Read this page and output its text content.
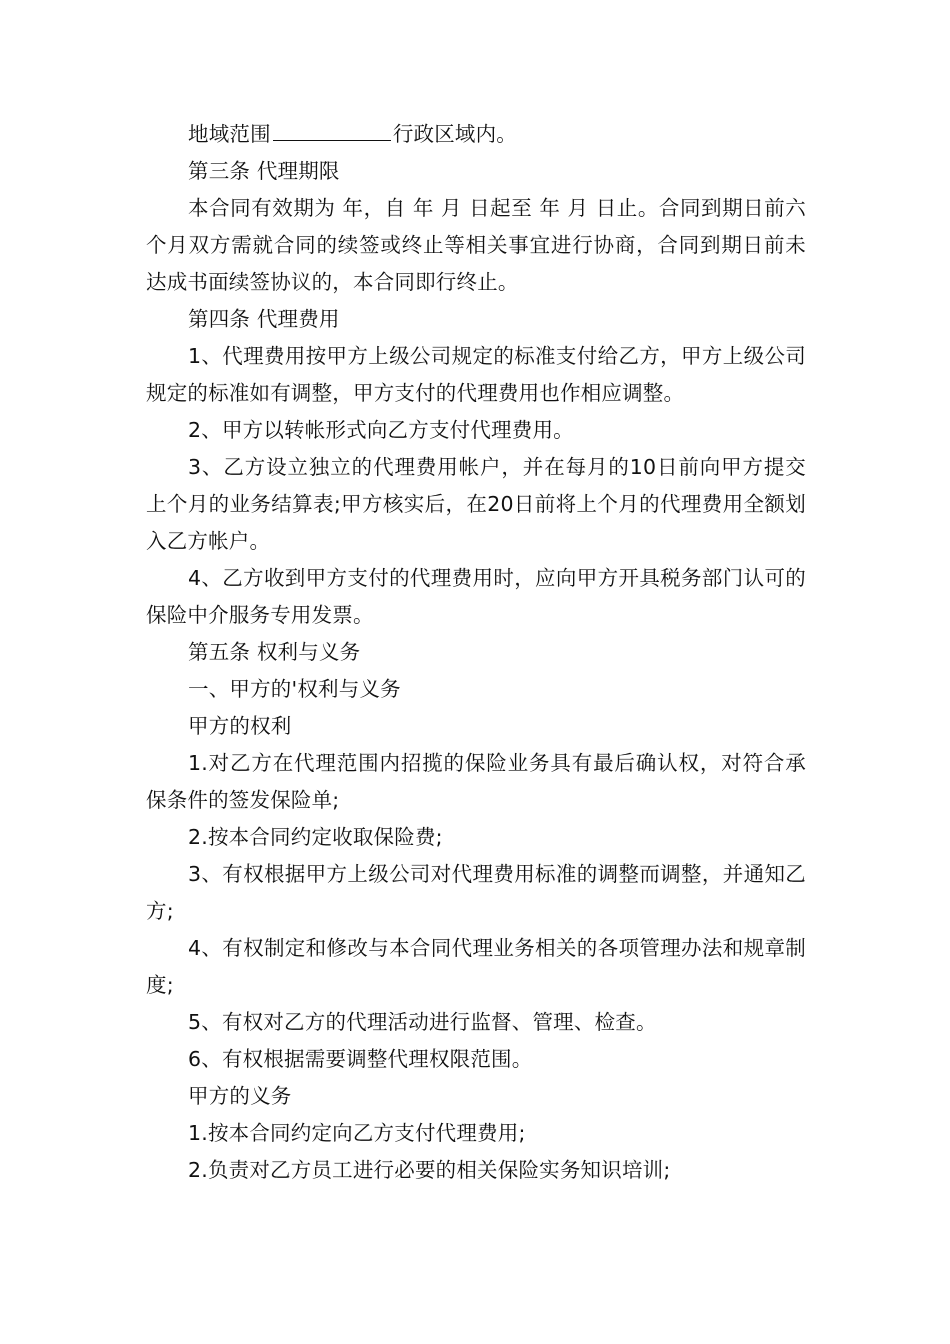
地域范围	行政区域内。

第三条 代理期限

本合同有效期为 年，自 年 月 日起至 年 月 日止。合同到期日前六个月双方需就合同的续签或终止等相关事宜进行协商，合同到期日前未达成书面续签协议的，本合同即行终止。

第四条 代理费用

1、代理费用按甲方上级公司规定的标准支付给乙方，甲方上级公司规定的标准如有调整，甲方支付的代理费用也作相应调整。

2、甲方以转帐形式向乙方支付代理费用。

3、乙方设立独立的代理费用帐户，并在每月的10日前向甲方提交上个月的业务结算表;甲方核实后，在20日前将上个月的代理费用全额划入乙方帐户。

4、乙方收到甲方支付的代理费用时，应向甲方开具税务部门认可的保险中介服务专用发票。

第五条 权利与义务

一、甲方的'权利与义务

甲方的权利

1.对乙方在代理范围内招揽的保险业务具有最后确认权，对符合承保条件的签发保险单;

2.按本合同约定收取保险费;

3、有权根据甲方上级公司对代理费用标准的调整而调整，并通知乙方;

4、有权制定和修改与本合同代理业务相关的各项管理办法和规章制度;

5、有权对乙方的代理活动进行监督、管理、检查。

6、有权根据需要调整代理权限范围。

甲方的义务

1.按本合同约定向乙方支付代理费用;

2.负责对乙方员工进行必要的相关保险实务知识培训;
